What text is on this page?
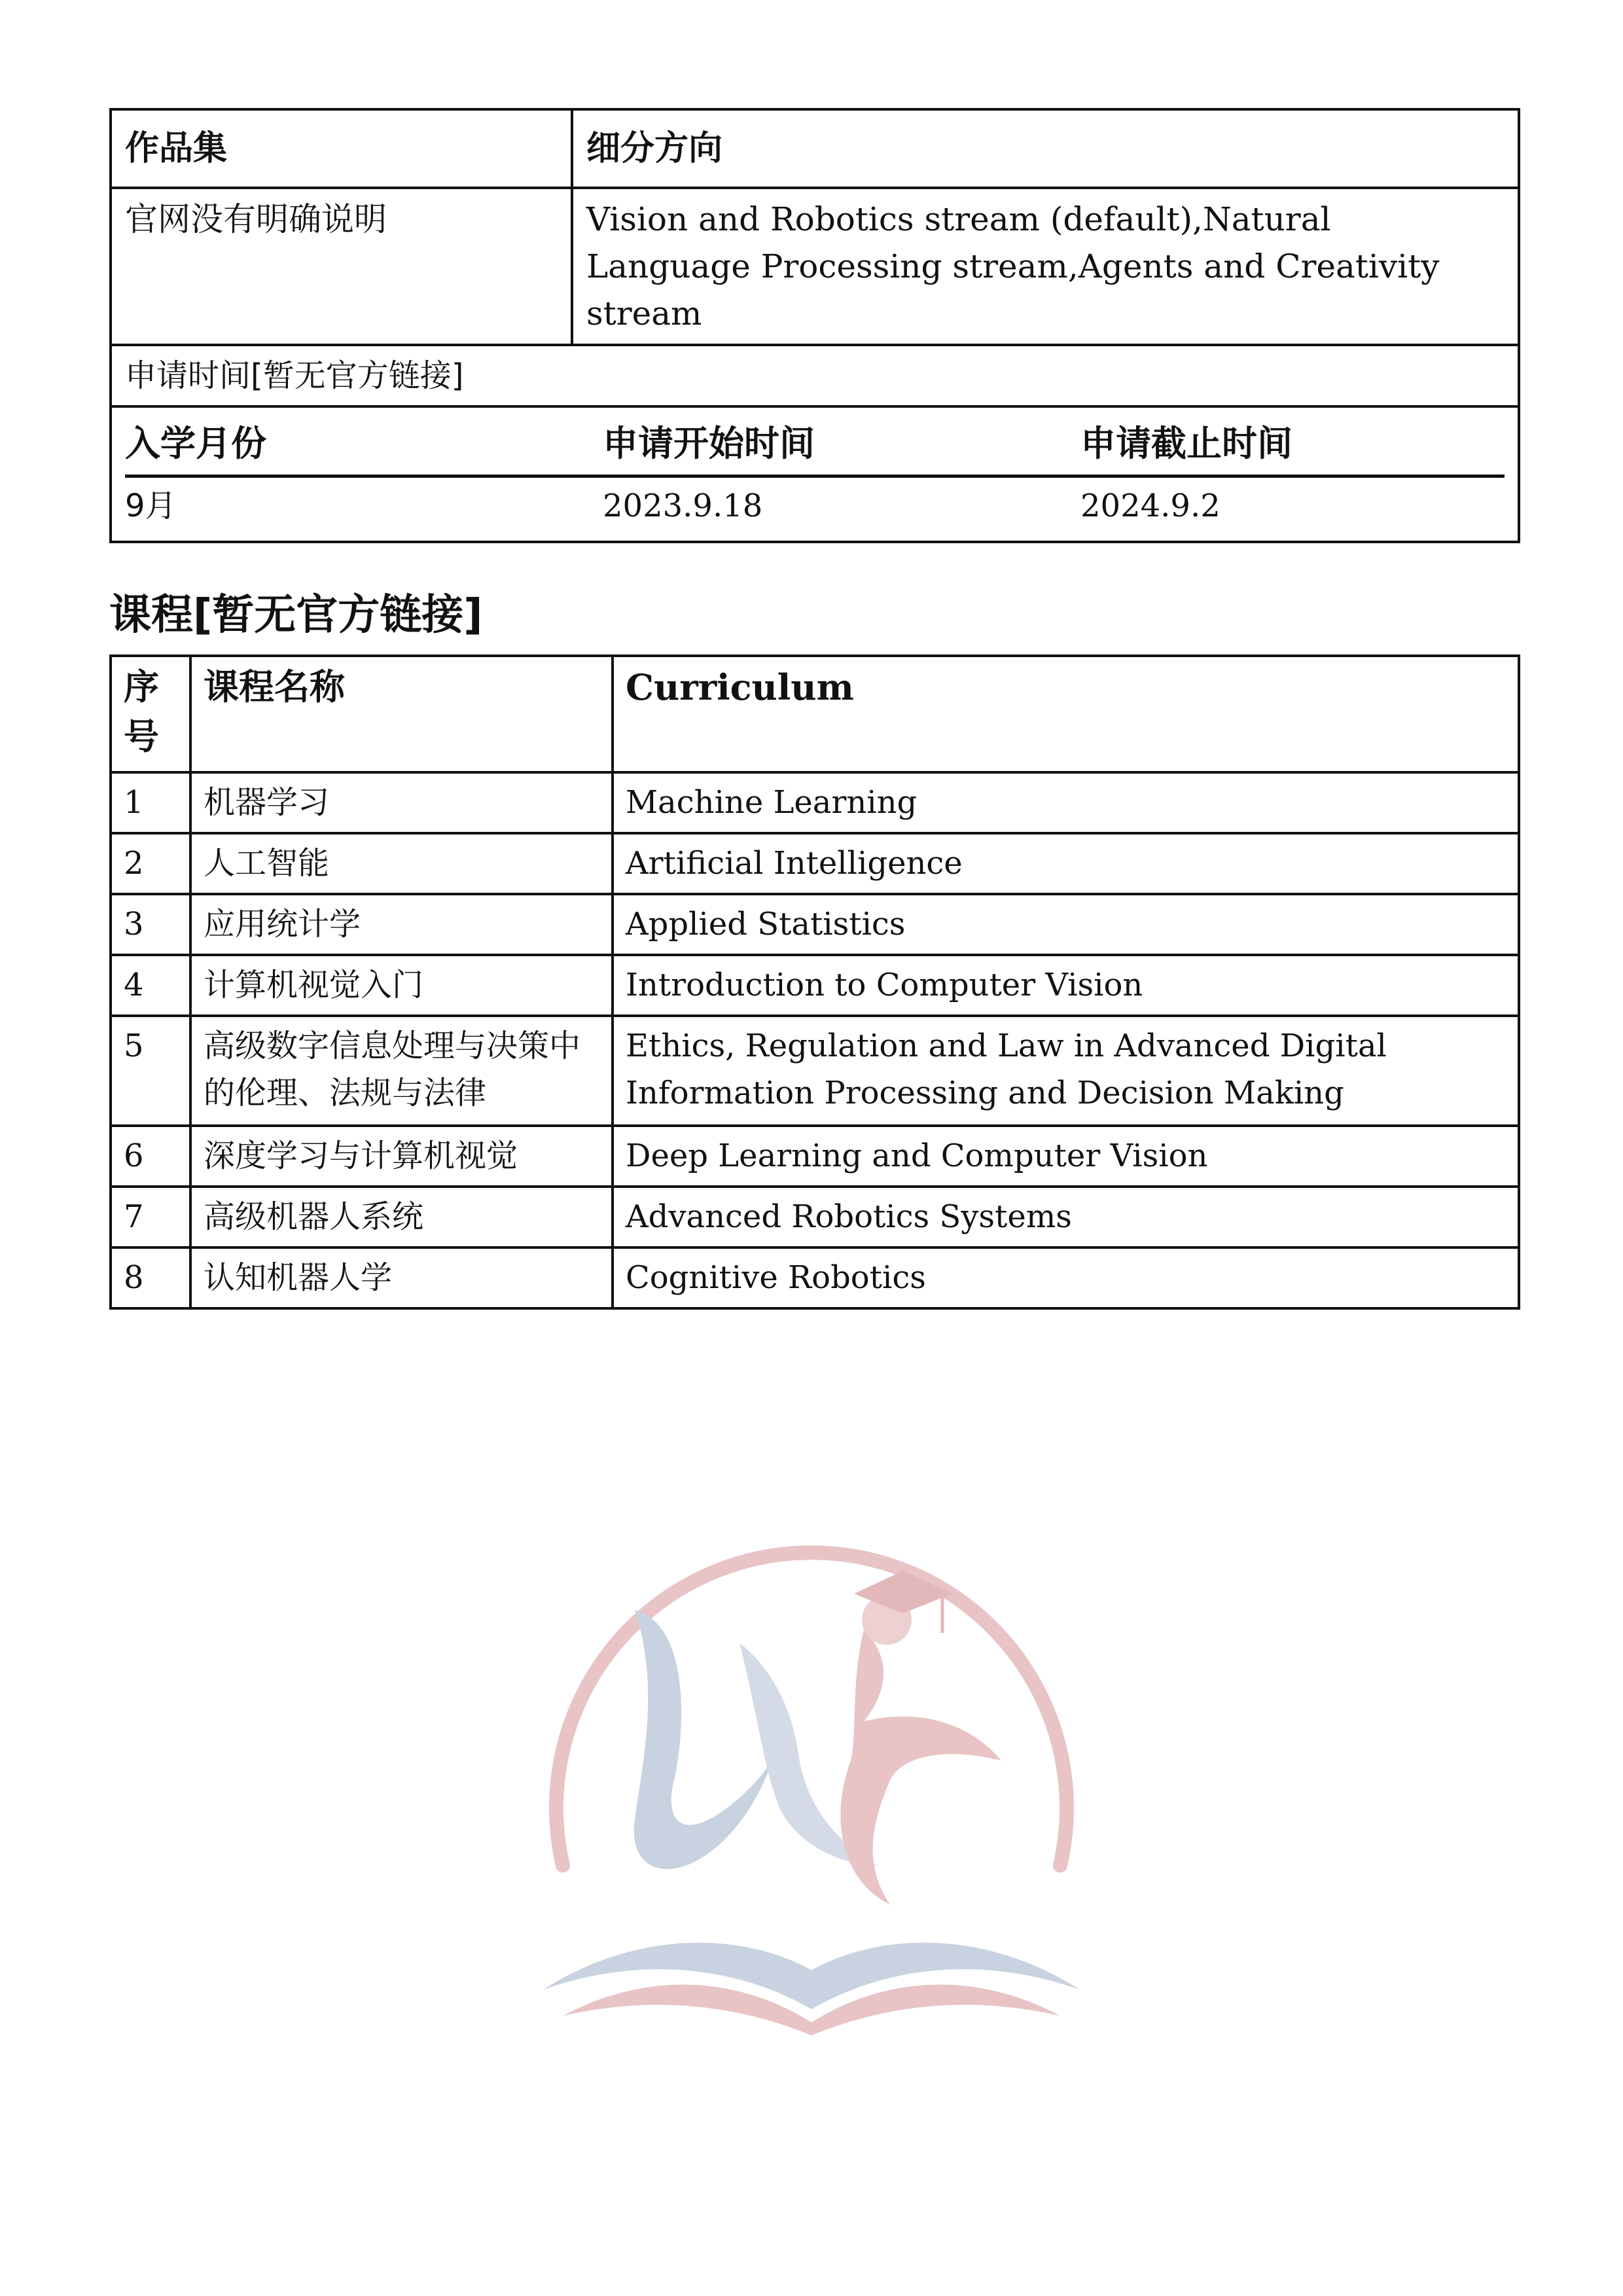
作品集	细分方向
官网没有明确说明	Vision and Robotics stream (default),Natural Language Processing stream,Agents and Creativity stream
申请时间[暂无官方链接]
入学月份	申请开始时间	申请截止时间
9月	2023.9.18	2024.9.2
课程[暂无官方链接]
序号	课程名称	Curriculum
1	机器学习	Machine Learning
2	人工智能	Artificial Intelligence
3	应用统计学	Applied Statistics
4	计算机视觉入门	Introduction to Computer Vision
5	高级数字信息处理与决策中的伦理、法规与法律	Ethics, Regulation and Law in Advanced Digital Information Processing and Decision Making
6	深度学习与计算机视觉	Deep Learning and Computer Vision
7	高级机器人系统	Advanced Robotics Systems
8	认知机器人学	Cognitive Robotics
